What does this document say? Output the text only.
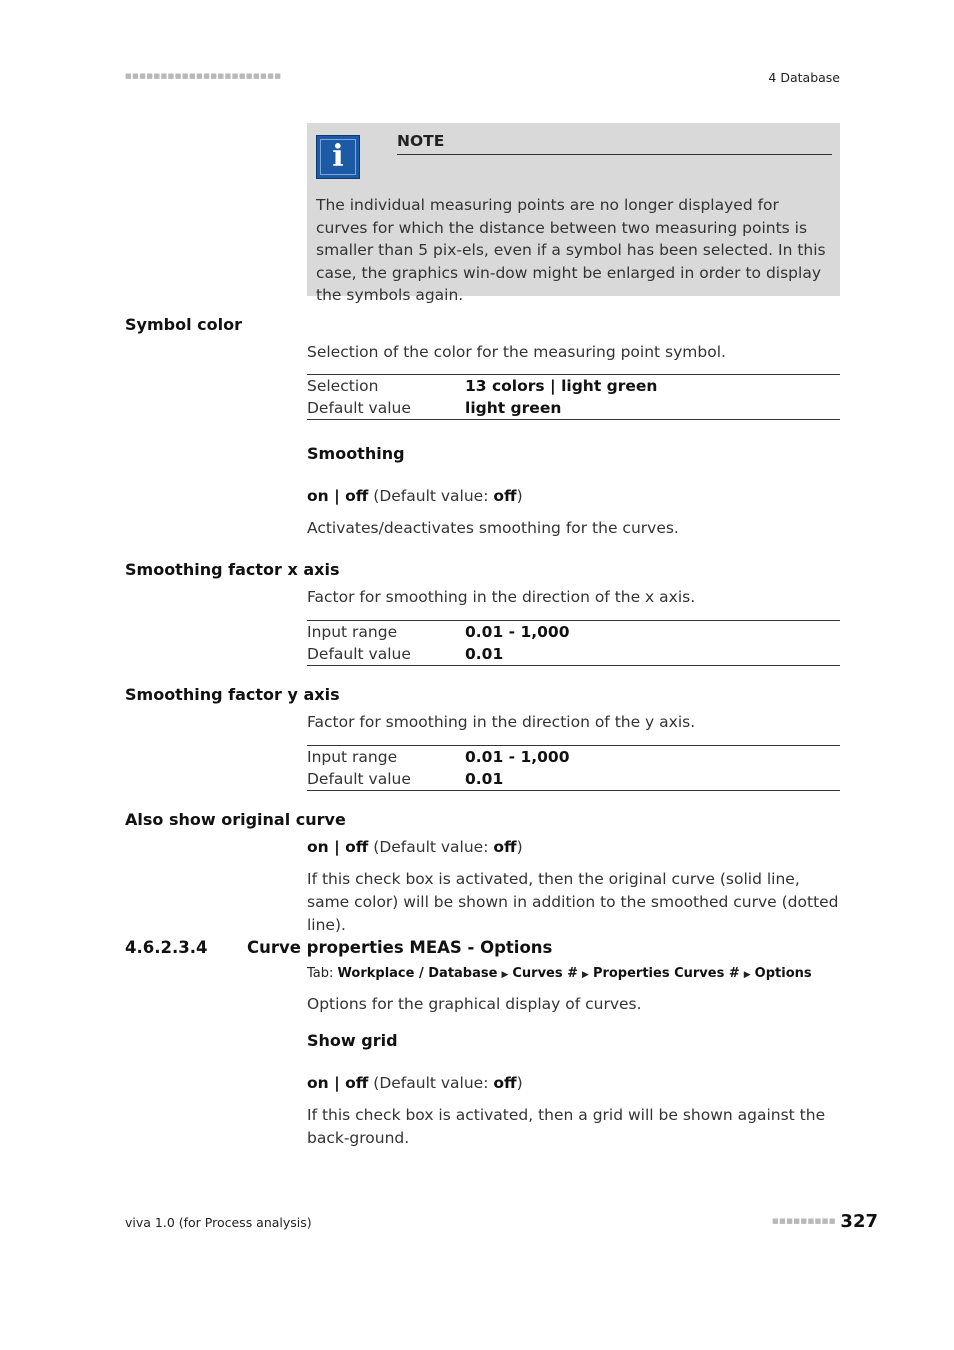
■■■■■■■■■■■■■■■■■■■■■■	4 Database
i	NOTE
The individual measuring points are no longer displayed for curves for which the distance between two measuring points is smaller than 5 pix-els, even if a symbol has been selected. In this case, the graphics win-dow might be enlarged in order to display the symbols again.
Symbol color
Selection of the color for the measuring point symbol.
Selection	13 colors | light green
Default value	light green
Smoothing
on | off (Default value: off)
Activates/deactivates smoothing for the curves.
Smoothing factor x axis
Factor for smoothing in the direction of the x axis.
Input range	0.01 - 1,000
Default value	0.01
Smoothing factor y axis
Factor for smoothing in the direction of the y axis.
Input range	0.01 - 1,000
Default value	0.01
Also show original curve
on | off (Default value: off)
If this check box is activated, then the original curve (solid line, same color) will be shown in addition to the smoothed curve (dotted line).
4.6.2.3.4 Curve properties MEAS - Options
Tab: Workplace / Database ▶ Curves # ▶ Properties Curves # ▶ Options
Options for the graphical display of curves.
Show grid
on | off (Default value: off)
If this check box is activated, then a grid will be shown against the back-ground.
viva 1.0 (for Process analysis)	■■■■■■■■■ 327
